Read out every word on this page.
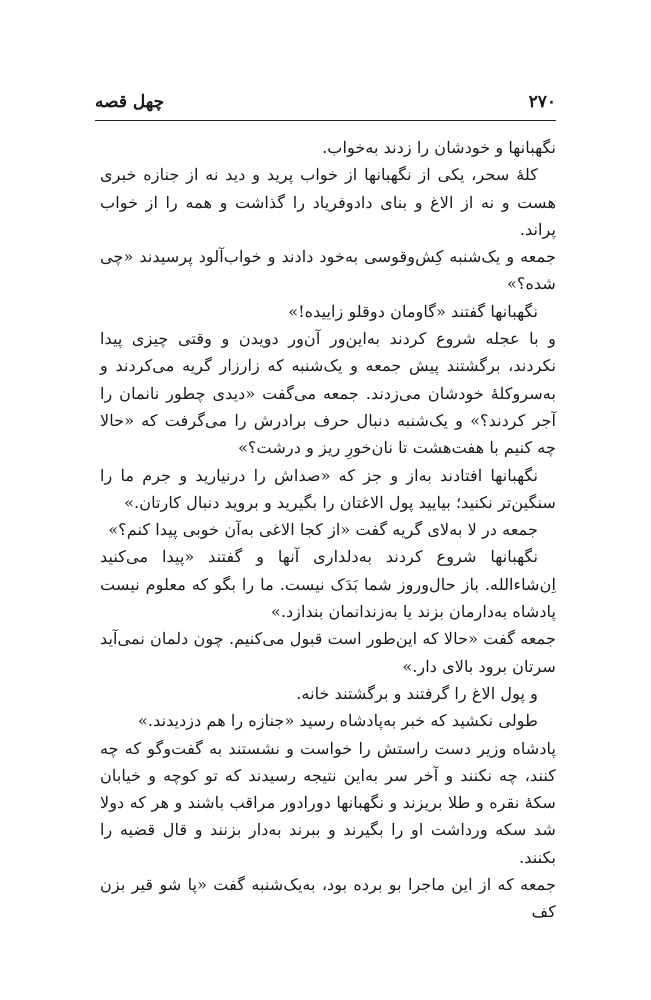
۲۷۰
چهل قصه

نگهبانها و خودشان را زدند به‌خواب.

کلهٔ سحر، یکی از نگهبانها از خواب پرید و دید نه از جنازه خبری هست و نه از الاغ و بنای دادوفریاد را گذاشت و همه را از خواب پراند.

جمعه و یک‌شنبه کِش‌وقوسی به‌خود دادند و خواب‌آلود پرسیدند «چی شده؟»

نگهبانها گفتند «گاومان دوقلو زاییده!»

و با عجله شروع کردند به‌این‌ور آن‌ور دویدن و وقتی چیزی پیدا نکردند، برگشتند پیش جمعه و یک‌شنبه که زارزار گریه می‌کردند و به‌سروکلهٔ خودشان می‌زدند. جمعه می‌گفت «دیدی چطور نانمان را آجر کردند؟» و یک‌شنبه دنبال حرف برادرش را می‌گرفت که «حالا چه کنیم با هفت‌هشت تا نان‌خورِ ریز و درشت؟»

نگهبانها افتادند به‌از و جز که «صداش را درنیارید و جرم ما را سنگین‌تر نکنید؛ بیایید پول الاغتان را بگیرید و بروید دنبال کارتان.»

جمعه در لا به‌لای گریه گفت «از کجا الاغی به‌آن خوبی پیدا کنم؟»

نگهبانها شروع کردند به‌دلداری آنها و گفتند «پیدا می‌کنید اِن‌شاءالله. باز حال‌وروز شما بَدَک نیست. ما را بگو که معلوم نیست پادشاه به‌دارمان بزند یا به‌زندانمان بندازد.»

جمعه گفت «حالا که این‌طور است قبول می‌کنیم. چون دلمان نمی‌آید سرتان برود بالای دار.»

و پول الاغ را گرفتند و برگشتند خانه.

طولی نکشید که خبر به‌پادشاه رسید «جنازه را هم دزدیدند.»

پادشاه وزیر دست راستش را خواست و نشستند به گفت‌وگو که چه کنند، چه نکنند و آخر سر به‌این نتیجه رسیدند که تو کوچه و خیابان سکهٔ نقره و طلا بریزند و نگهبانها دورادور مراقب باشند و هر که دولا شد سکه ورداشت او را بگیرند و ببرند به‌دار بزنند و قال قضیه را بکنند.

جمعه که از این ماجرا بو برده بود، به‌یک‌شنبه گفت «پا شو قیر بزن کف
